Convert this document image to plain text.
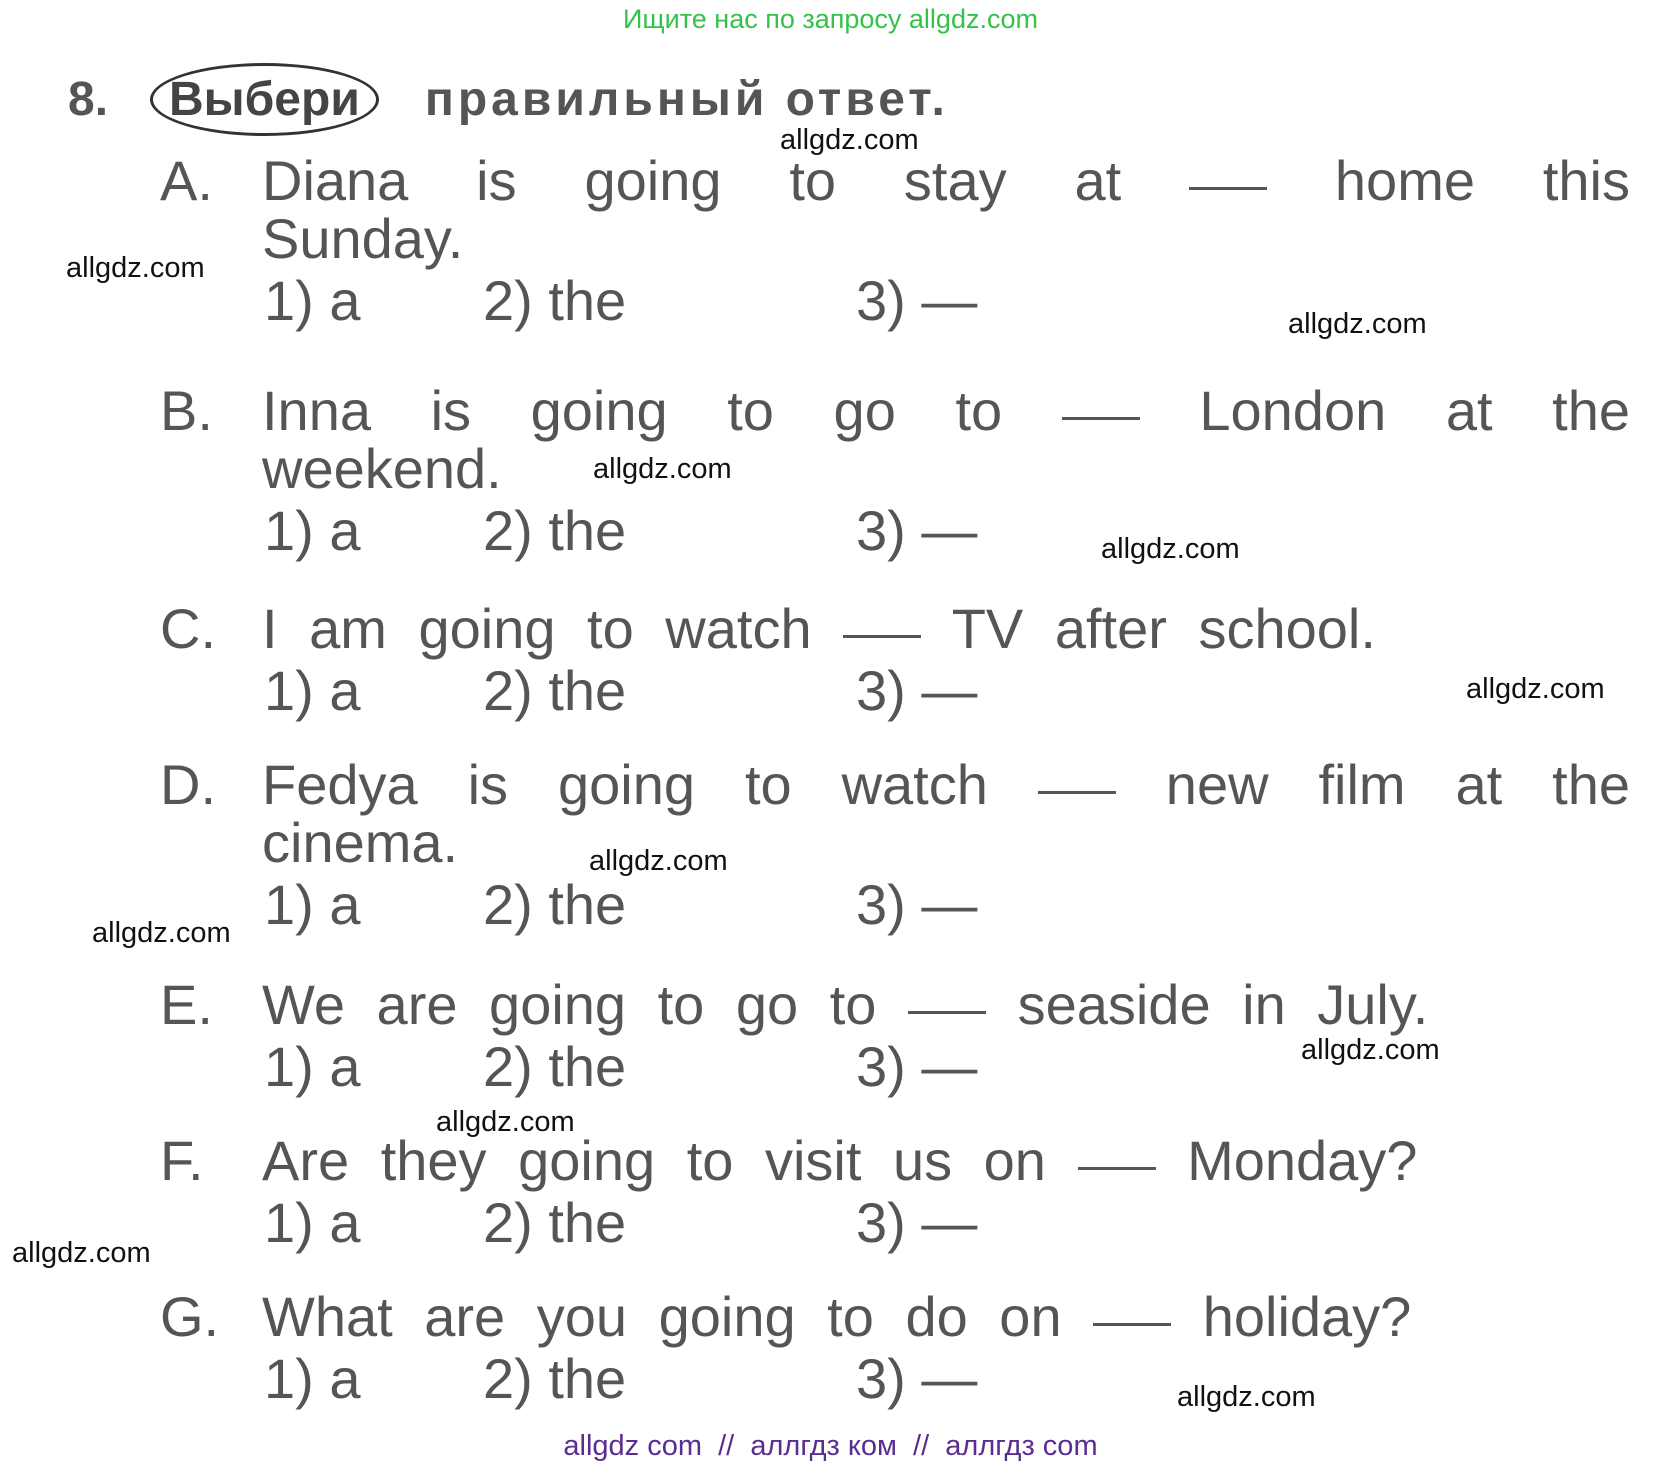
Ищите нас по запросу allgdz.com
8.	Выбери	правильный ответ.
A. Diana is going to stay at	home this
Sunday.
1) a 2) the	3) —
B. Inna is going to go to	London at the
weekend.
1) a 2) the	3) —
C. I am going to watch	TV after school.
1) a 2) the	3) —
D. Fedya is going to watch	new film at the
cinema.
1) a 2) the	3) —
E. We are going to go to	seaside in July.
1) a 2) the	3) —
F. Are they going to visit us on	Monday?
1) a 2) the	3) —
G. What are you going to do on	holiday?
1) a 2) the	3) —
allgdz.com
allgdz.com
allgdz.com
allgdz.com
allgdz.com
allgdz.com
allgdz.com
allgdz.com
allgdz.com
allgdz.com
allgdz.com
allgdz.com
allgdz com  //  аллгдз ком  //  аллгдз com
